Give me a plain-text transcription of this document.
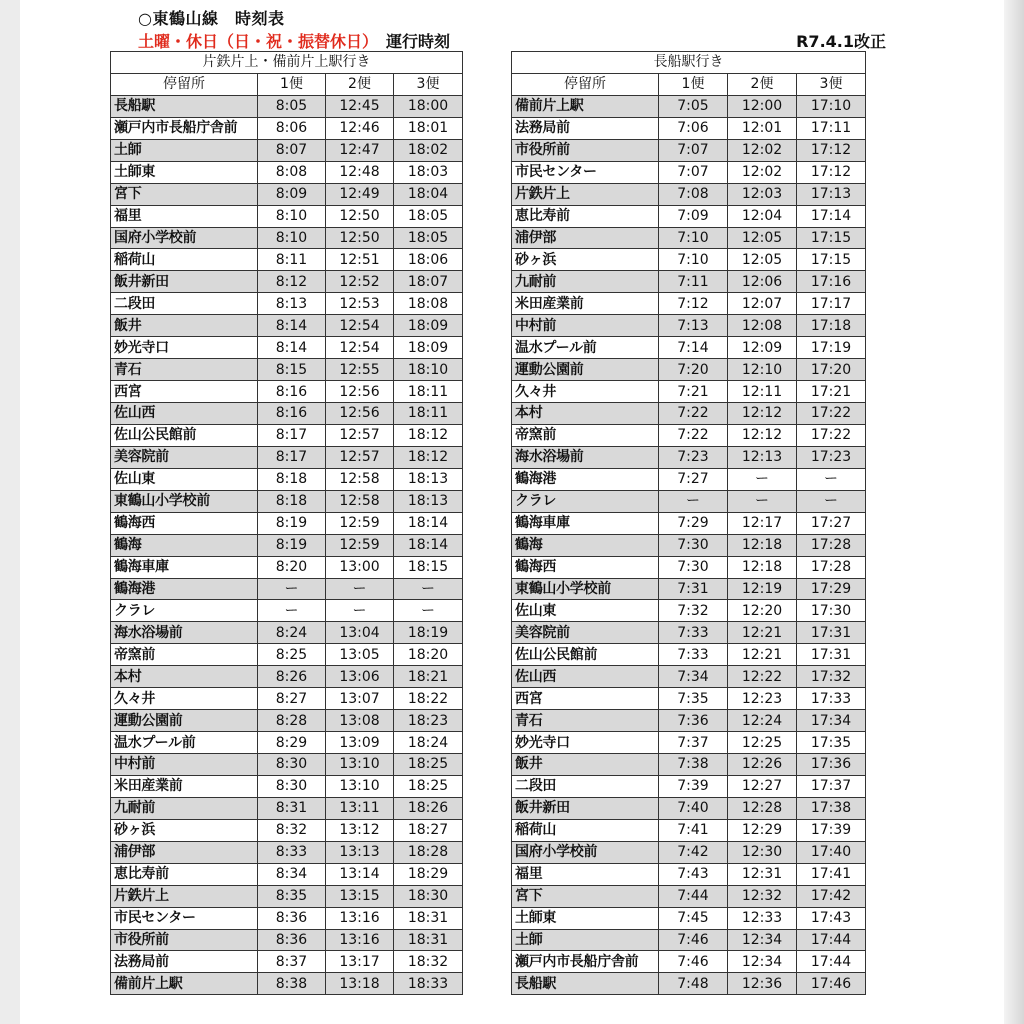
○東鶴山線　時刻表
土曜・休日（日・祝・振替休日） 運行時刻	R7.4.1改正
片鉄片上・備前片上駅行き			
停留所	1便	2便	3便
長船駅	8:05	12:45	18:00
瀬戸内市長船庁舎前	8:06	12:46	18:01
土師	8:07	12:47	18:02
土師東	8:08	12:48	18:03
宮下	8:09	12:49	18:04
福里	8:10	12:50	18:05
国府小学校前	8:10	12:50	18:05
稲荷山	8:11	12:51	18:06
飯井新田	8:12	12:52	18:07
二段田	8:13	12:53	18:08
飯井	8:14	12:54	18:09
妙光寺口	8:14	12:54	18:09
青石	8:15	12:55	18:10
西宮	8:16	12:56	18:11
佐山西	8:16	12:56	18:11
佐山公民館前	8:17	12:57	18:12
美容院前	8:17	12:57	18:12
佐山東	8:18	12:58	18:13
東鶴山小学校前	8:18	12:58	18:13
鶴海西	8:19	12:59	18:14
鶴海	8:19	12:59	18:14
鶴海車庫	8:20	13:00	18:15
鶴海港	ー	ー	ー
クラレ	ー	ー	ー
海水浴場前	8:24	13:04	18:19
帝窯前	8:25	13:05	18:20
本村	8:26	13:06	18:21
久々井	8:27	13:07	18:22
運動公園前	8:28	13:08	18:23
温水プール前	8:29	13:09	18:24
中村前	8:30	13:10	18:25
米田産業前	8:30	13:10	18:25
九耐前	8:31	13:11	18:26
砂ヶ浜	8:32	13:12	18:27
浦伊部	8:33	13:13	18:28
恵比寿前	8:34	13:14	18:29
片鉄片上	8:35	13:15	18:30
市民センター	8:36	13:16	18:31
市役所前	8:36	13:16	18:31
法務局前	8:37	13:17	18:32
備前片上駅	8:38	13:18	18:33
長船駅行き			
停留所	1便	2便	3便
備前片上駅	7:05	12:00	17:10
法務局前	7:06	12:01	17:11
市役所前	7:07	12:02	17:12
市民センター	7:07	12:02	17:12
片鉄片上	7:08	12:03	17:13
恵比寿前	7:09	12:04	17:14
浦伊部	7:10	12:05	17:15
砂ヶ浜	7:10	12:05	17:15
九耐前	7:11	12:06	17:16
米田産業前	7:12	12:07	17:17
中村前	7:13	12:08	17:18
温水プール前	7:14	12:09	17:19
運動公園前	7:20	12:10	17:20
久々井	7:21	12:11	17:21
本村	7:22	12:12	17:22
帝窯前	7:22	12:12	17:22
海水浴場前	7:23	12:13	17:23
鶴海港	7:27	ー	ー
クラレ	ー	ー	ー
鶴海車庫	7:29	12:17	17:27
鶴海	7:30	12:18	17:28
鶴海西	7:30	12:18	17:28
東鶴山小学校前	7:31	12:19	17:29
佐山東	7:32	12:20	17:30
美容院前	7:33	12:21	17:31
佐山公民館前	7:33	12:21	17:31
佐山西	7:34	12:22	17:32
西宮	7:35	12:23	17:33
青石	7:36	12:24	17:34
妙光寺口	7:37	12:25	17:35
飯井	7:38	12:26	17:36
二段田	7:39	12:27	17:37
飯井新田	7:40	12:28	17:38
稲荷山	7:41	12:29	17:39
国府小学校前	7:42	12:30	17:40
福里	7:43	12:31	17:41
宮下	7:44	12:32	17:42
土師東	7:45	12:33	17:43
土師	7:46	12:34	17:44
瀬戸内市長船庁舎前	7:46	12:34	17:44
長船駅	7:48	12:36	17:46
